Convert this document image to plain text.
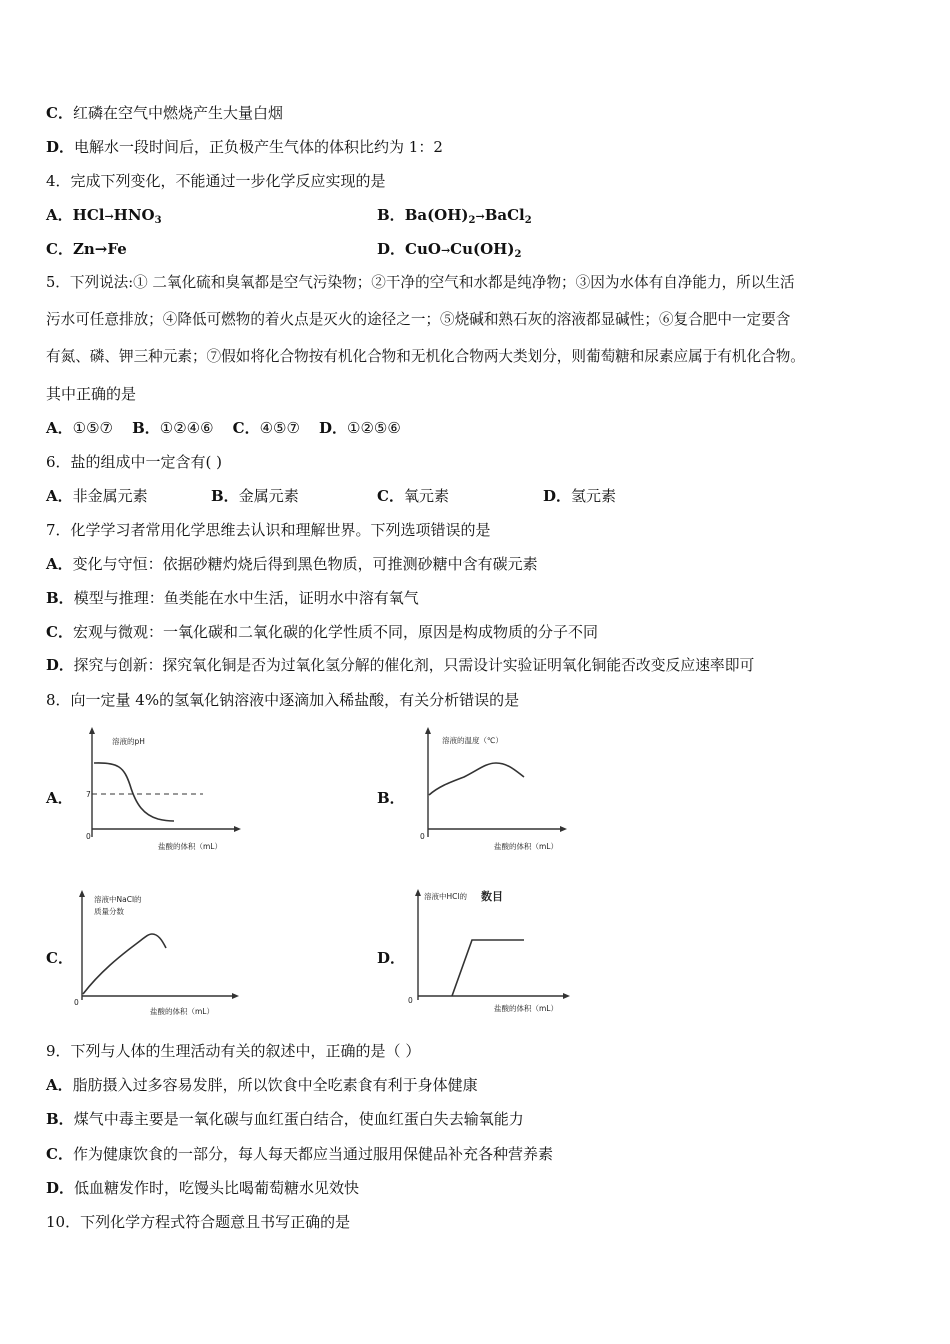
C．红磷在空气中燃烧产生大量白烟
D．电解水一段时间后，正负极产生气体的体积比约为 1：2
4．完成下列变化，不能通过一步化学反应实现的是
A．$HCl\to HNO_3$	B．$Ba(OH)_2\to BaCl_2$
C．Zn→Fe	D．$CuO\to Cu(OH)_2$
5．下列说法:① 二氧化硫和臭氧都是空气污染物；②干净的空气和水都是纯净物；③因为水体有自净能力，所以生活
污水可任意排放；④降低可燃物的着火点是灭火的途径之一；⑤烧碱和熟石灰的溶液都显碱性；⑥复合肥中一定要含
有氮、磷、钾三种元素；⑦假如将化合物按有机化合物和无机化合物两大类划分，则葡萄糖和尿素应属于有机化合物。
其中正确的是
A．①⑤⑦ B．①②④⑥ C．④⑤⑦ D．①②⑤⑥
6．盐的组成中一定含有( )
A．非金属元素	B．金属元素	C．氧元素	D．氢元素
7．化学学习者常用化学思维去认识和理解世界。下列选项错误的是
A．变化与守恒：依据砂糖灼烧后得到黑色物质，可推测砂糖中含有碳元素
B．模型与推理：鱼类能在水中生活，证明水中溶有氧气
C．宏观与微观：一氧化碳和二氧化碳的化学性质不同，原因是构成物质的分子不同
D．探究与创新：探究氧化铜是否为过氧化氢分解的催化剂，只需设计实验证明氧化铜能否改变反应速率即可
8．向一定量 4%的氢氧化钠溶液中逐滴加入稀盐酸，有关分析错误的是
A．
溶液的pH
7
0
盐酸的体积（mL）
B．
溶液的温度（℃）
0
盐酸的体积（mL）
C．
溶液中NaCl的
质量分数
0
盐酸的体积（mL）
D．
溶液中HCl的 数目
0
盐酸的体积（mL）
9．下列与人体的生理活动有关的叙述中，正确的是（ ）
A．脂肪摄入过多容易发胖，所以饮食中全吃素食有利于身体健康
B．煤气中毒主要是一氧化碳与血红蛋白结合，使血红蛋白失去输氧能力
C．作为健康饮食的一部分，每人每天都应当通过服用保健品补充各种营养素
D．低血糖发作时，吃馒头比喝葡萄糖水见效快
10．下列化学方程式符合题意且书写正确的是
